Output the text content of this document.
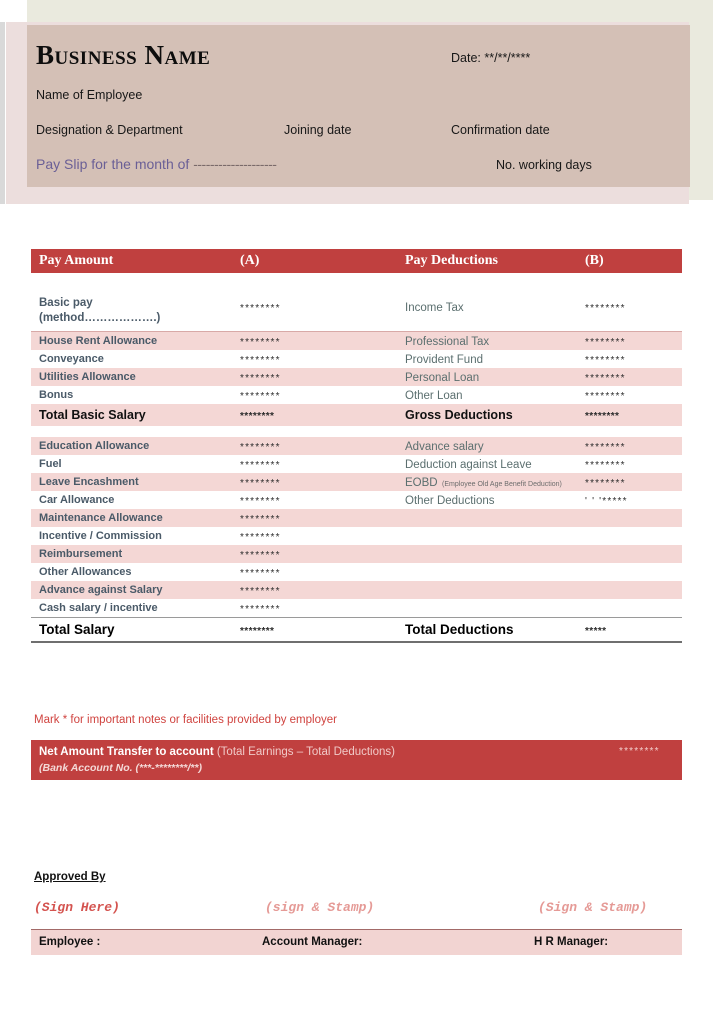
Business Name	Date: **/**/****
Name of Employee
Designation & Department	Joining date	Confirmation date
Pay Slip for the month of --------------------	No. working days
Pay Amount	(A)	Pay Deductions	(B)
Basic pay
(method……………….)
********	Income Tax	********
House Rent Allowance	********	Professional Tax	********
Conveyance	********	Provident Fund	********
Utilities Allowance	********	Personal Loan	********
Bonus	********	Other Loan	********
Total Basic Salary	********	Gross Deductions	********
Education Allowance	********	Advance salary	********
Fuel	********	Deduction against Leave	********
Leave Encashment	********	EOBD (Employee Old Age Benefit Deduction)	********
Car Allowance	********	Other Deductions	' ' '*****
Maintenance Allowance	********
Incentive / Commission	********
Reimbursement	********
Other Allowances	********
Advance against Salary	********
Cash salary / incentive	********
Total Salary	********	Total Deductions	*****
Mark * for important notes or facilities provided by employer
Net Amount Transfer to account (Total Earnings – Total Deductions)
(Bank Account No. (***-********/**)
********
Approved By
(Sign Here)	(sign & Stamp)	(Sign & Stamp)
Employee :	Account Manager:	H R Manager:
